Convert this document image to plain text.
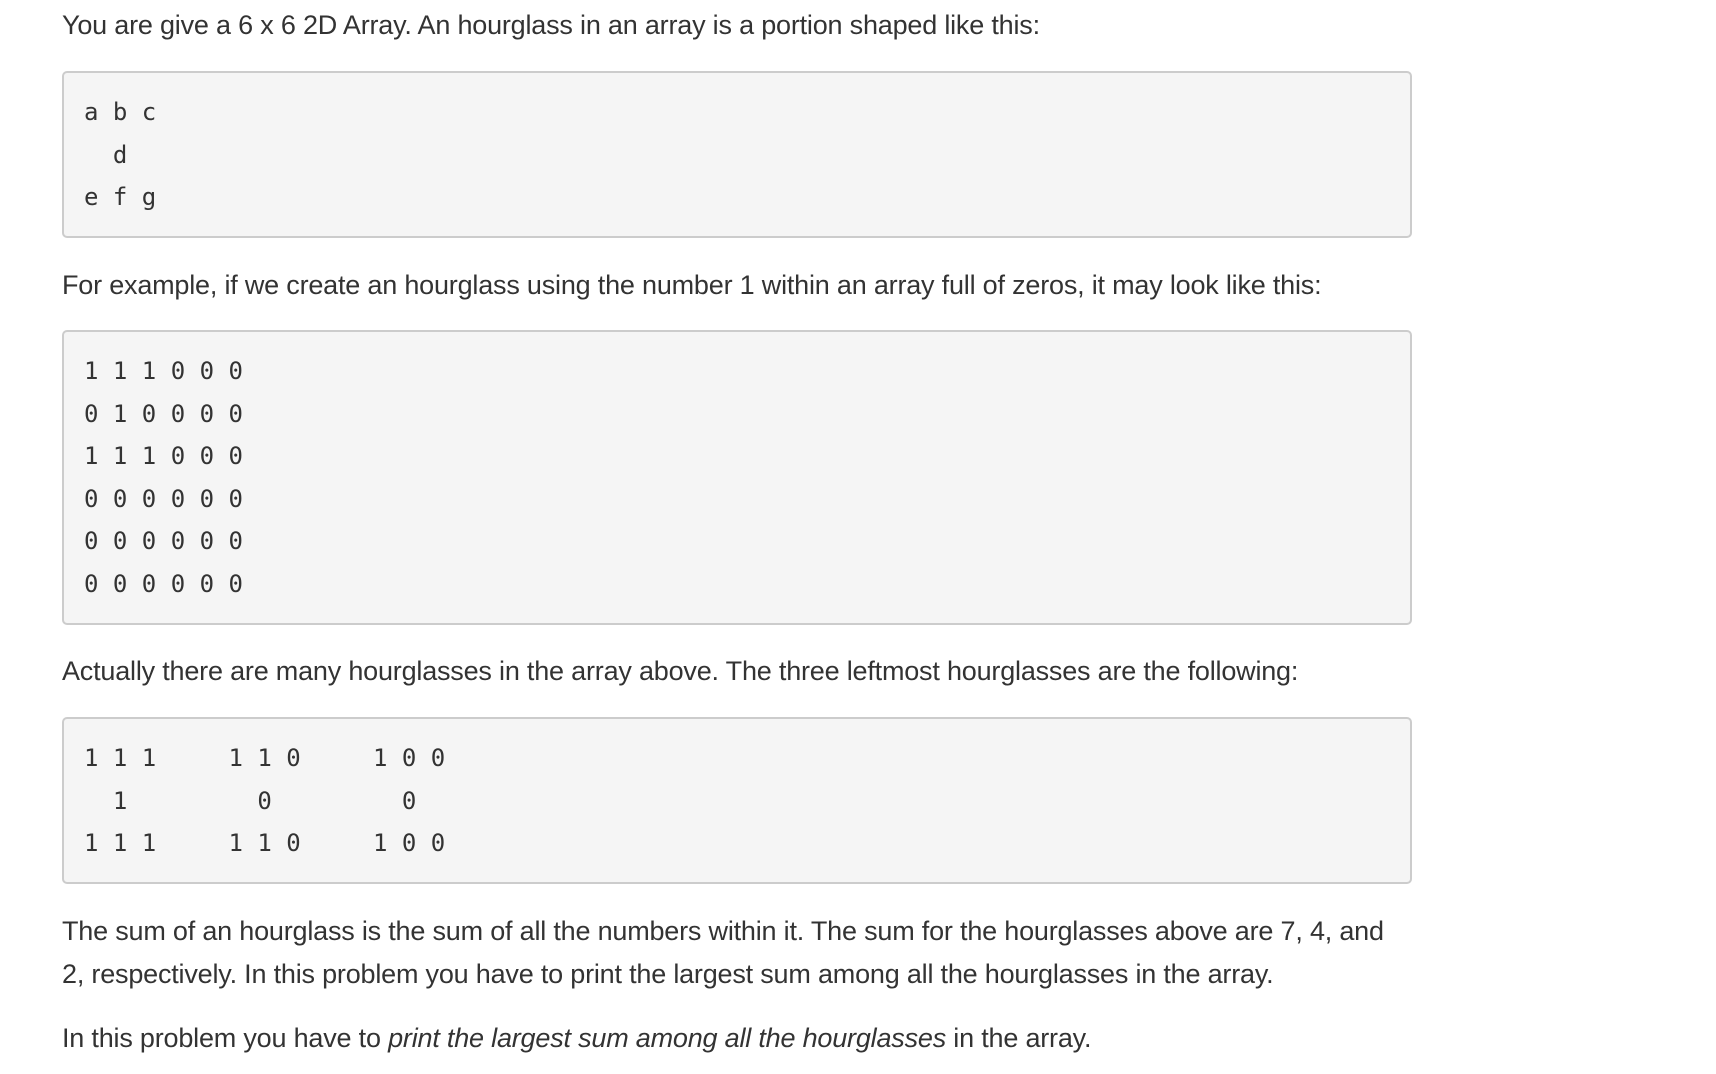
You are give a 6 x 6 2D Array. An hourglass in an array is a portion shaped like this:

a b c
d
e f g

For example, if we create an hourglass using the number 1 within an array full of zeros, it may look like this:

1 1 1 0 0 0
0 1 0 0 0 0
1 1 1 0 0 0
0 0 0 0 0 0
0 0 0 0 0 0
0 0 0 0 0 0

Actually there are many hourglasses in the array above. The three leftmost hourglasses are the following:

1 1 1     1 1 0     1 0 0
1         0         0
1 1 1     1 1 0     1 0 0

The sum of an hourglass is the sum of all the numbers within it. The sum for the hourglasses above are 7, 4, and 2, respectively. In this problem you have to print the largest sum among all the hourglasses in the array.

In this problem you have to print the largest sum among all the hourglasses in the array.
